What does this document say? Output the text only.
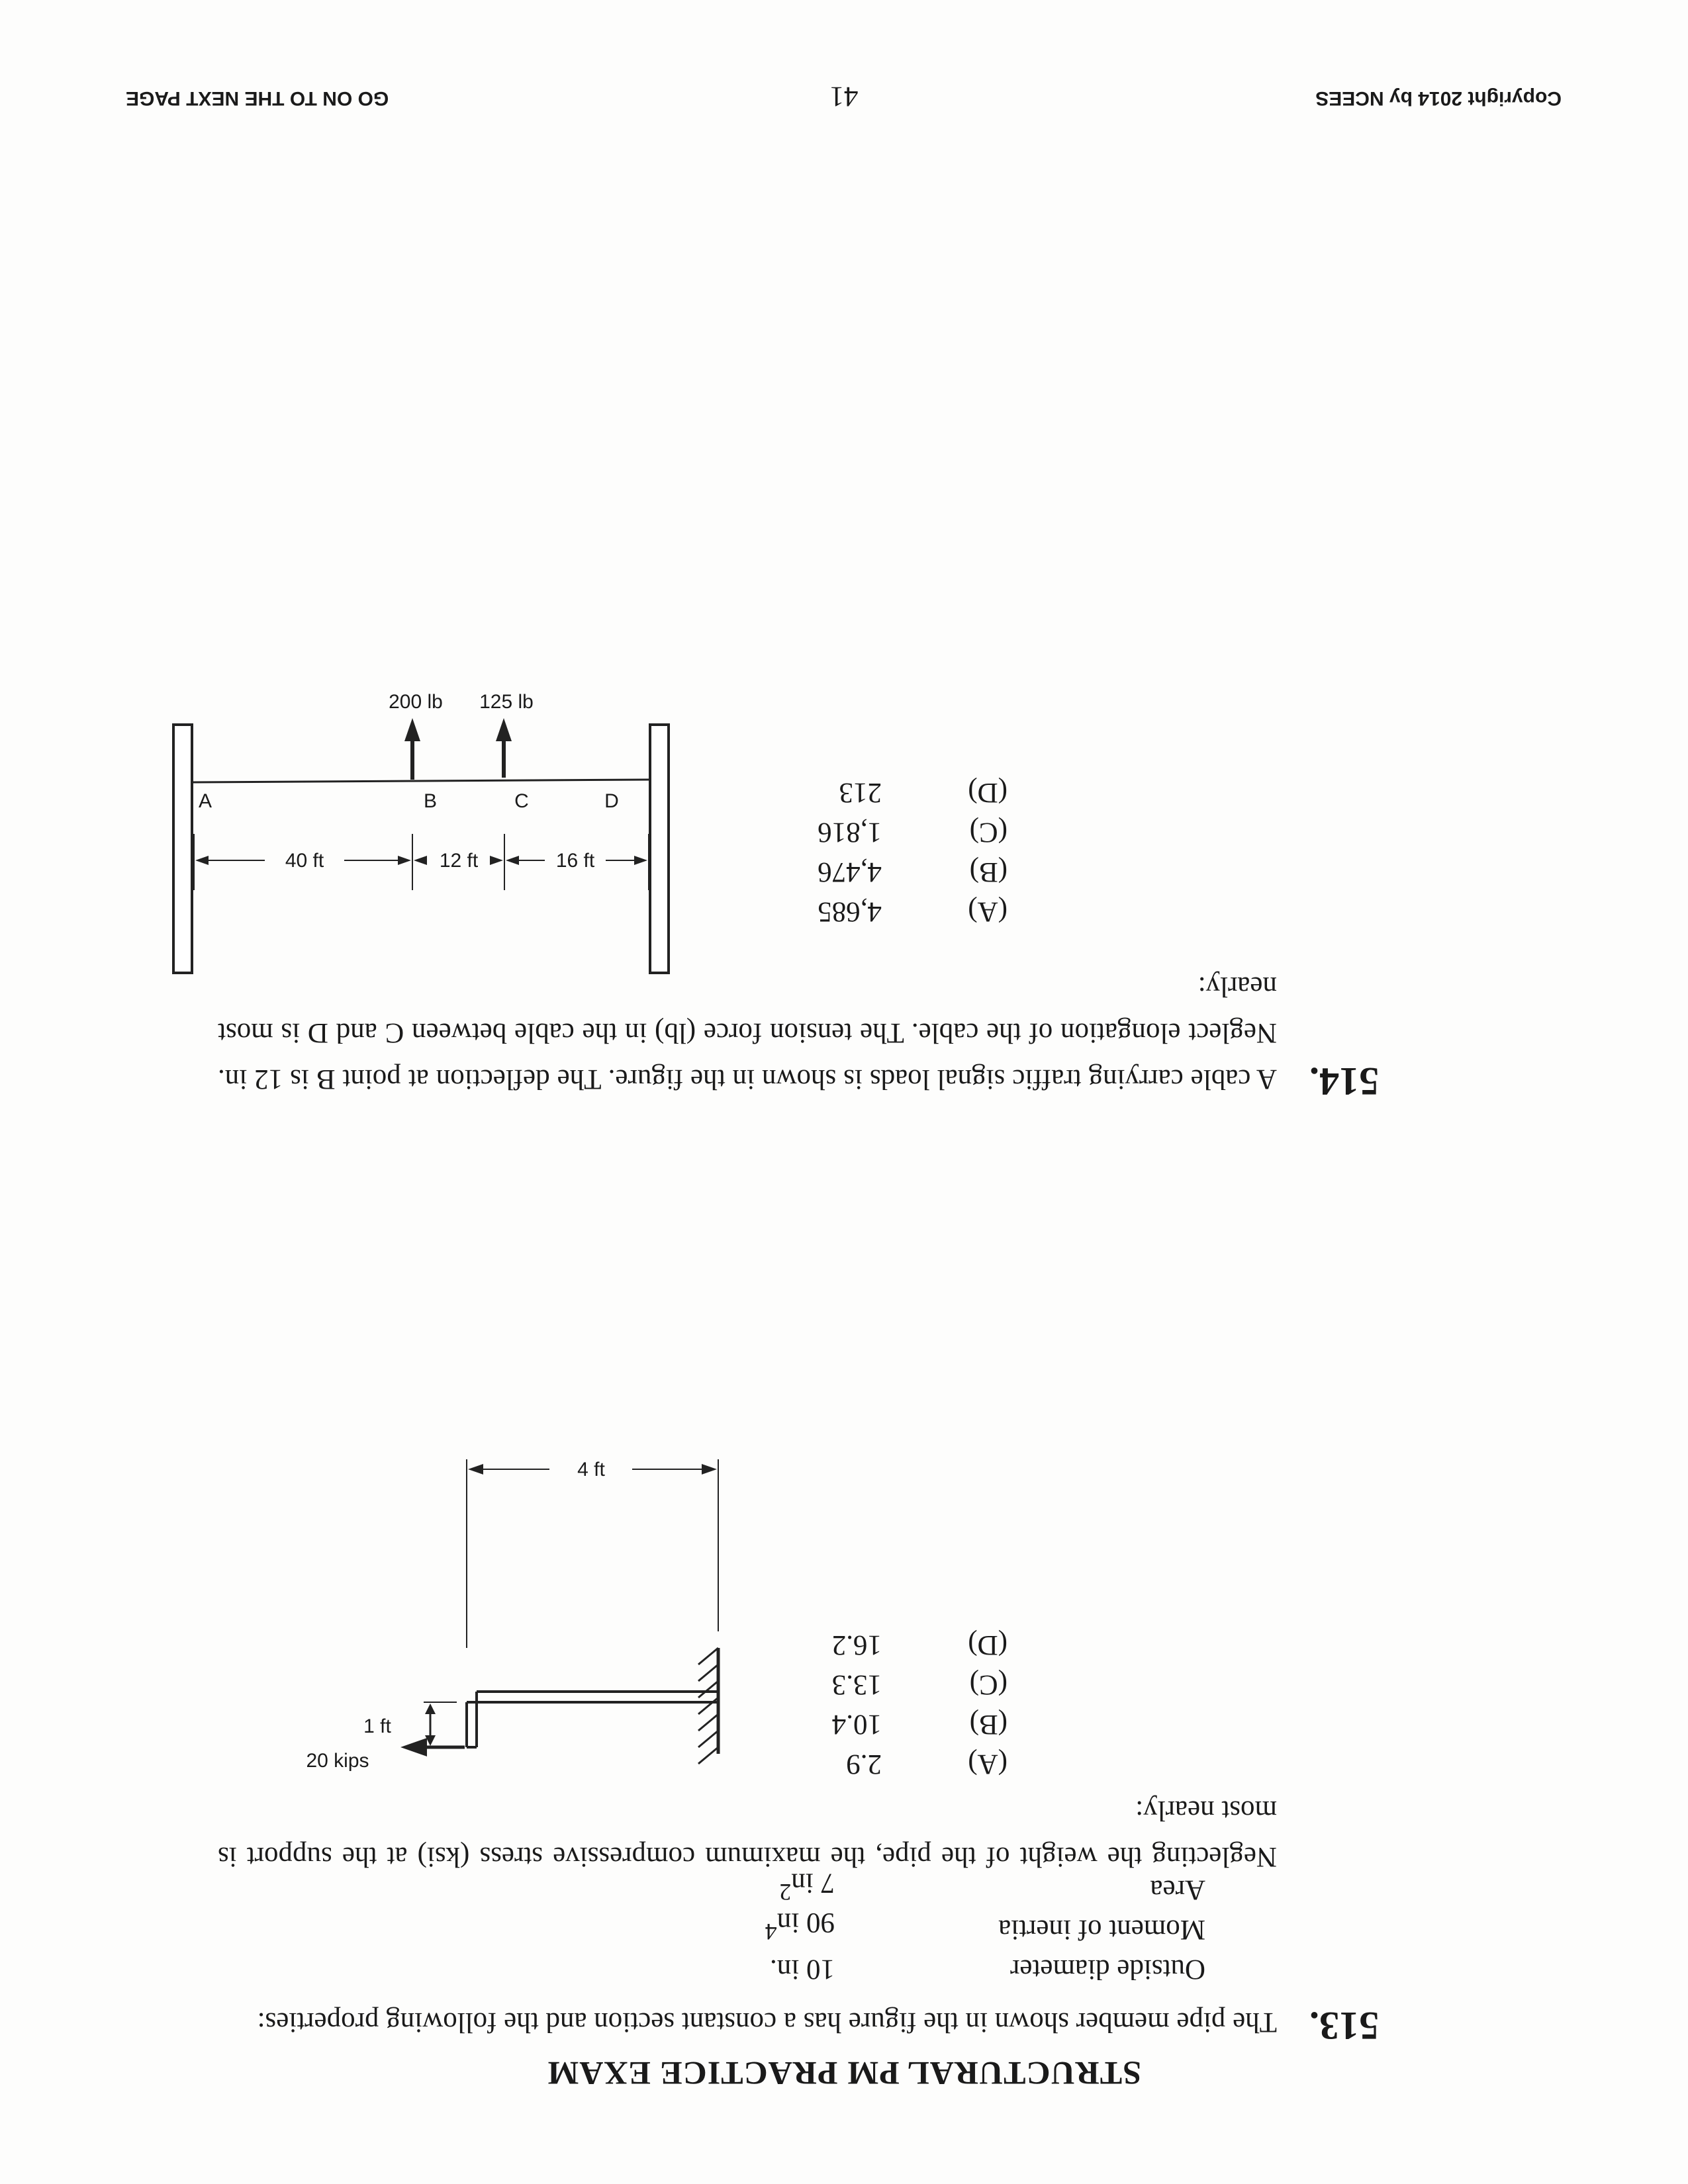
STRUCTURAL PM PRACTICE EXAM
513.
The pipe member shown in the figure has a constant section and the following properties:
Outside diameter
10 in.
Moment of inertia
90 $in^4$
Area
7 $in^2$
Neglecting the weight of the pipe, the maximum compressive stress (ksi) at the support is most nearly:
(A)
2.9
(B)
10.4
(C)
13.3
(D)
16.2
1 ft
20 kips
4 ft
514.
A cable carrying traffic signal loads is shown in the figure. The deflection at point B is 12 in. Neglect elongation of the cable. The tension force (lb) in the cable between C and D is most nearly:
(A)
4,685
(B)
4,476
(C)
1,816
(D)
213
16 ft
12 ft
40 ft
125 lb
200 lb
D
C
B
A
Copyright 2014 by NCEES
41
GO ON TO THE NEXT PAGE
